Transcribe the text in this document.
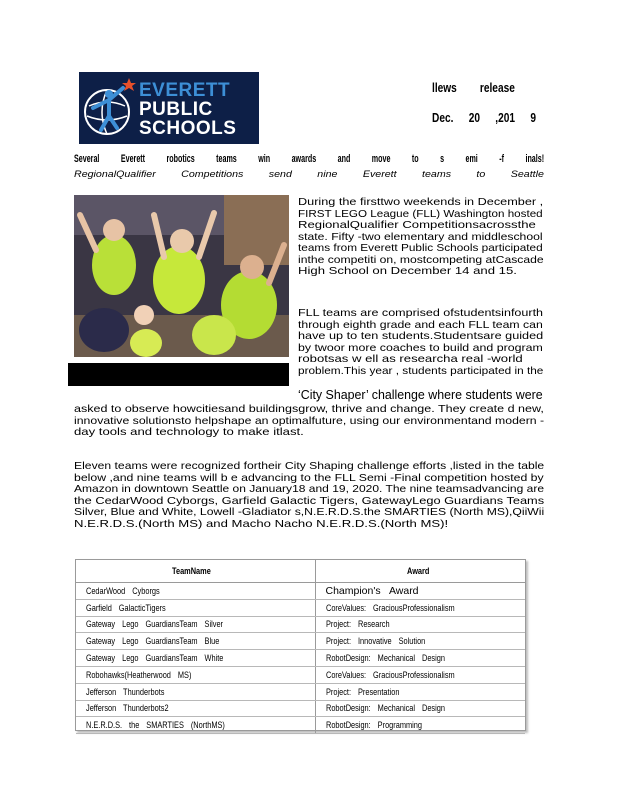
EVERETT
PUBLIC
SCHOOLS
llews release
Dec. 20 ,201 9
Several Everett robotics teams win awards and move to s emi -f inals!
RegionalQualifier Competitions send nine Everett teams to Seattle
During the firsttwo weekends in December ,
FIRST LEGO League (FLL) Washington hosted
RegionalQualifier Competitionsacrossthe
state. Fifty -two elementary and middleschool
teams from Everett Public Schools participated
inthe competiti on, mostcompeting atCascade
High School on December 14 and 15.
FLL teams are comprised ofstudentsinfourth
through eighth grade and each FLL team can
have up to ten students.Studentsare guided
by twoor more coaches to build and program
robotsas w ell as researcha real -world
problem.This year , students participated in the
‘City Shaper’ challenge where students were
asked to observe howcitiesand buildingsgrow, thrive and change. They create d new,
innovative solutionsto helpshape an optimalfuture, using our environmentand modern -
day tools and technology to make itlast.
Eleven teams were recognized fortheir City Shaping challenge efforts ,listed in the table
below ,and nine teams will b e advancing to the FLL Semi -Final competition hosted by
Amazon in downtown Seattle on January18 and 19, 2020. The nine teamsadvancing are
the CedarWood Cyborgs, Garfield Galactic Tigers, GatewayLego Guardians Teams
Silver, Blue and White, Lowell -Gladiator s,N.E.R.D.S.the SMARTIES (North MS),QiiWii
N.E.R.D.S.(North MS) and Macho Nacho N.E.R.D.S.(North MS)!
TeamName	Award
CedarWood Cyborgs	Champion's Award
Garfield GalacticTigers	CoreValues: GraciousProfessionalism
Gateway Lego GuardiansTeam Silver	Project: Research
Gateway Lego GuardiansTeam Blue	Project: Innovative Solution
Gateway Lego GuardiansTeam White	RobotDesign: Mechanical Design
Robohawks(Heatherwood MS)	CoreValues: GraciousProfessionalism
Jefferson Thunderbots	Project: Presentation
Jefferson Thunderbots2	RobotDesign: Mechanical Design
N.E.R.D.S. the SMARTIES (NorthMS)	RobotDesign: Programming
